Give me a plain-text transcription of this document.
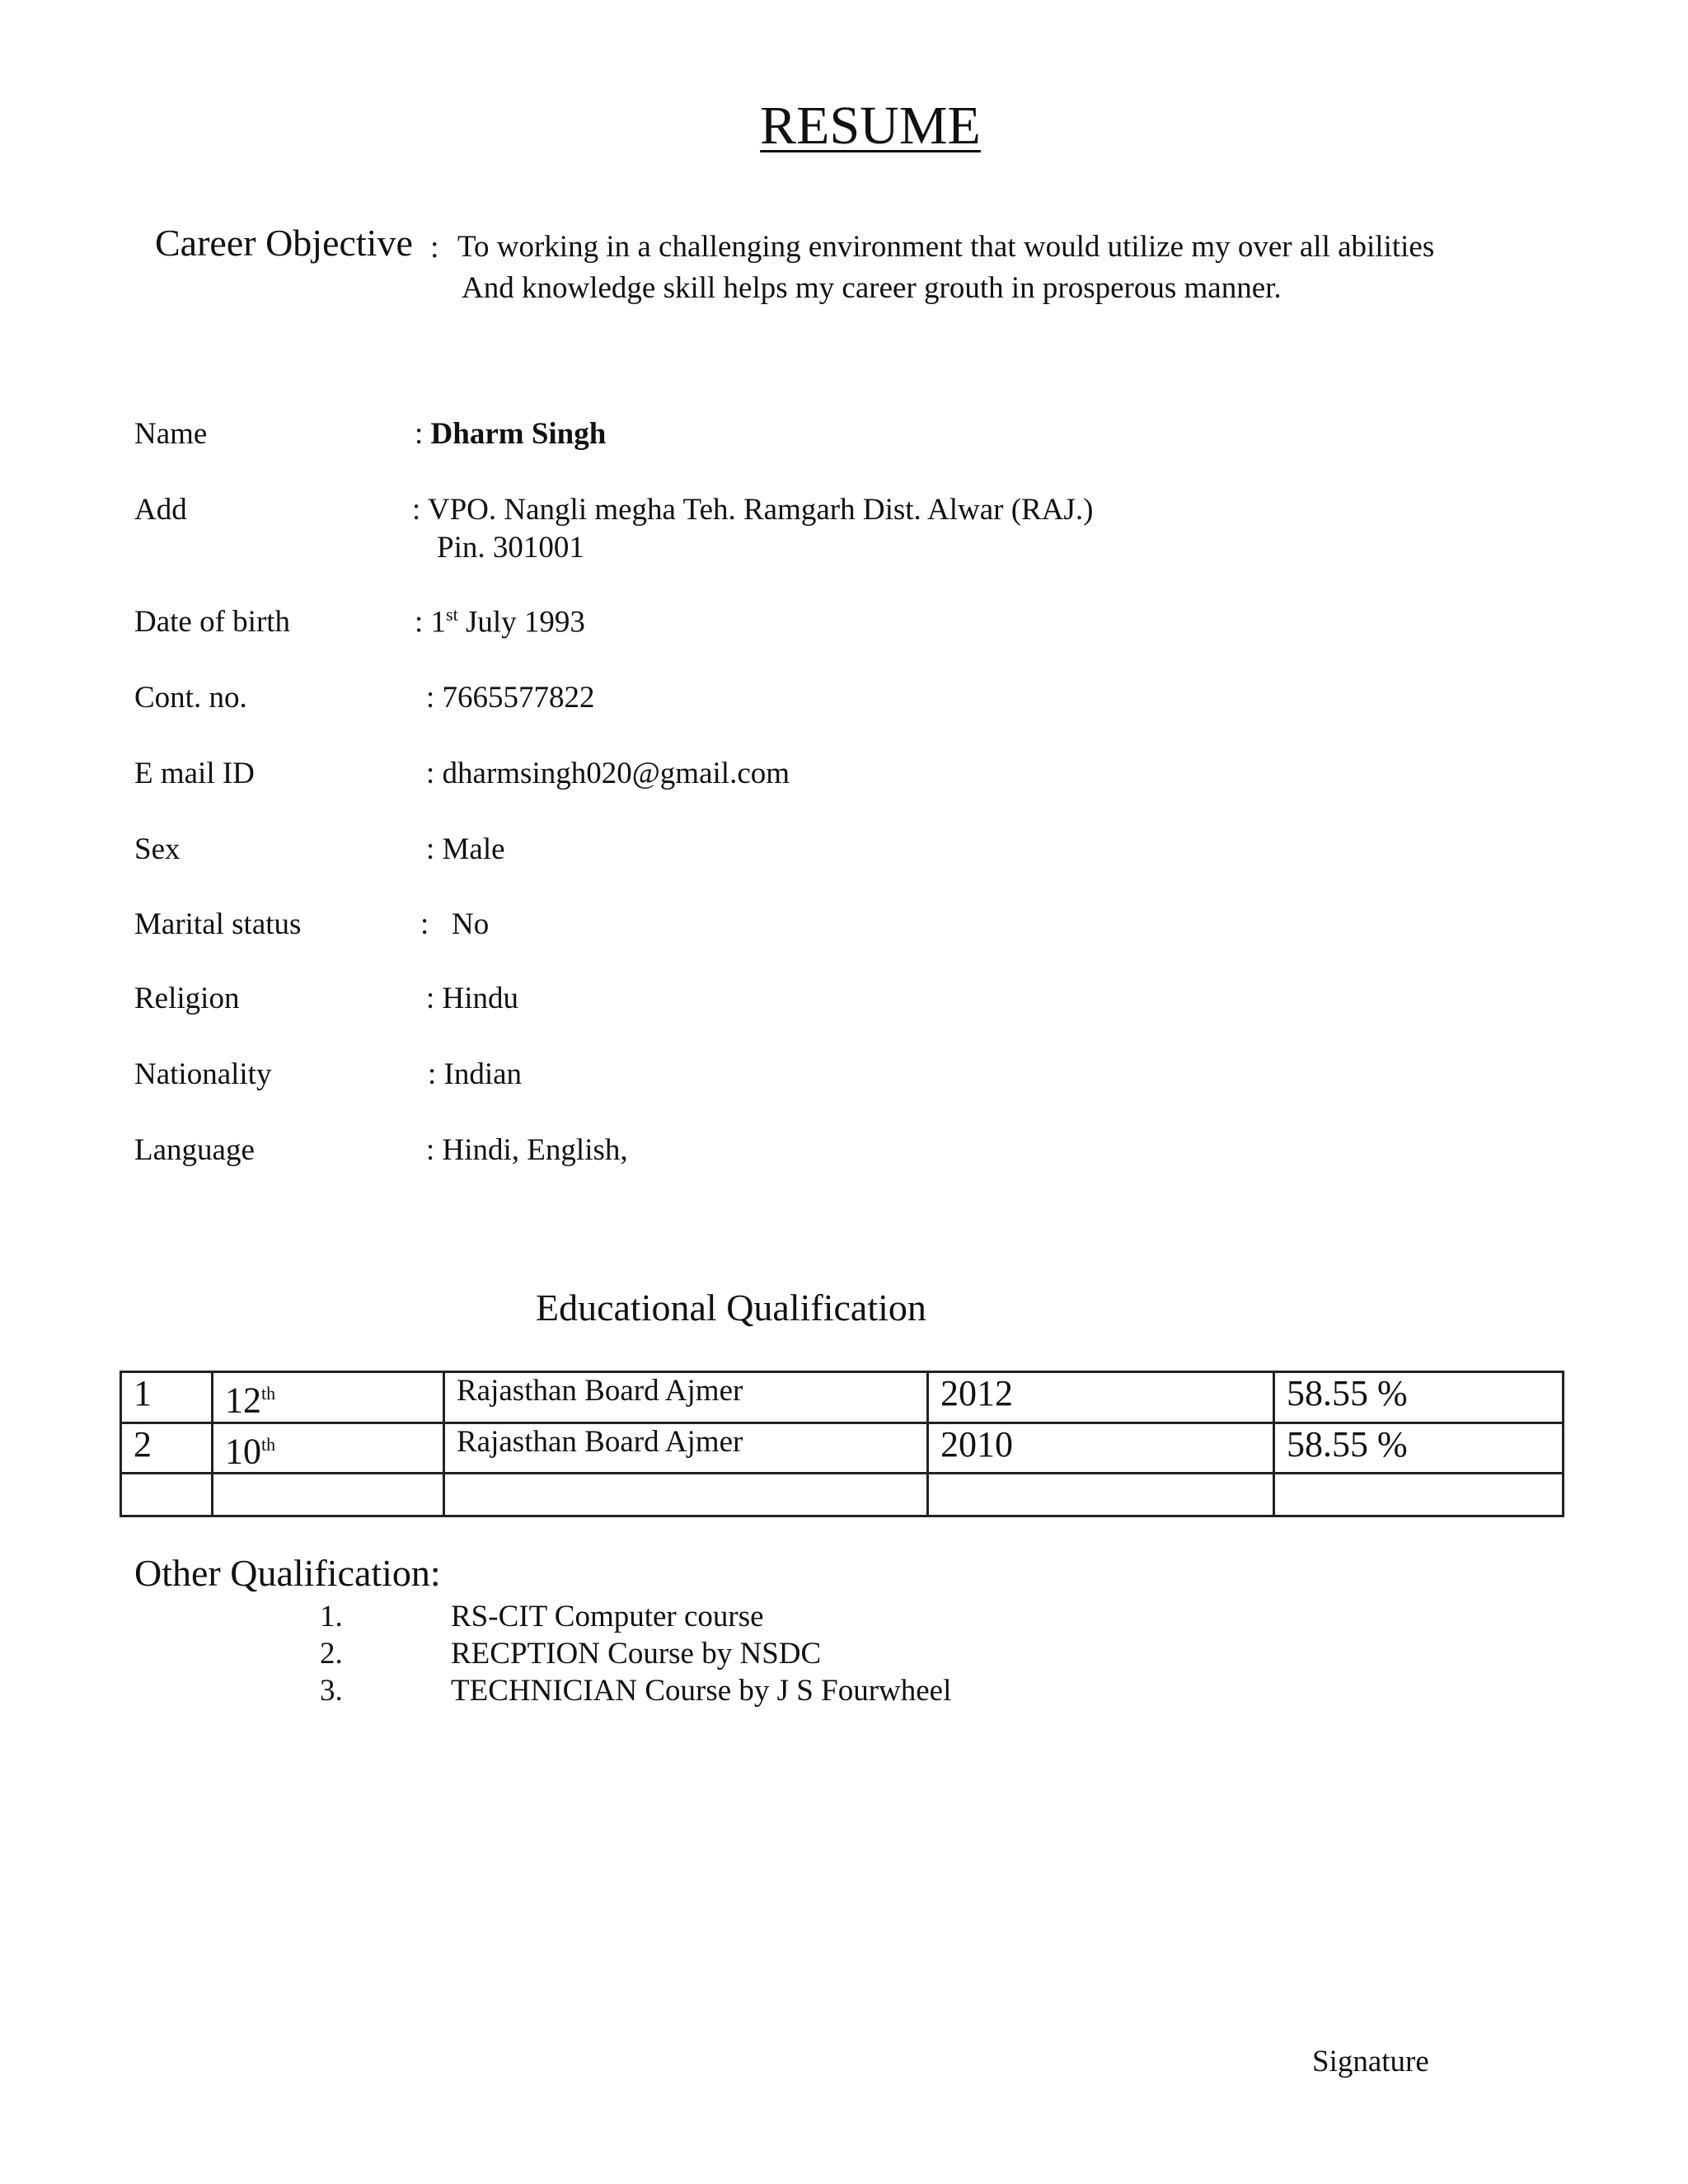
RESUME
Career Objective : To working in a challenging environment that would utilize my over all abilities
And knowledge skill helps my career grouth in prosperous manner.
Name	: Dharm Singh
Add	: VPO. Nangli megha Teh. Ramgarh Dist. Alwar (RAJ.)
Pin. 301001
Date of birth	: 1st July 1993
Cont. no.	: 7665577822
E mail ID	: dharmsingh020@gmail.com
Sex	: Male
Marital status	:   No
Religion	: Hindu
Nationality	: Indian
Language	: Hindi, English,
Educational Qualification
1	12th	Rajasthan Board Ajmer	2012	58.55 %
2	10th	Rajasthan Board Ajmer	2010	58.55 %

Other Qualification:
1.	RS-CIT Computer course
2.	RECPTION Course by NSDC
3.	TECHNICIAN Course by J S Fourwheel
Signature
